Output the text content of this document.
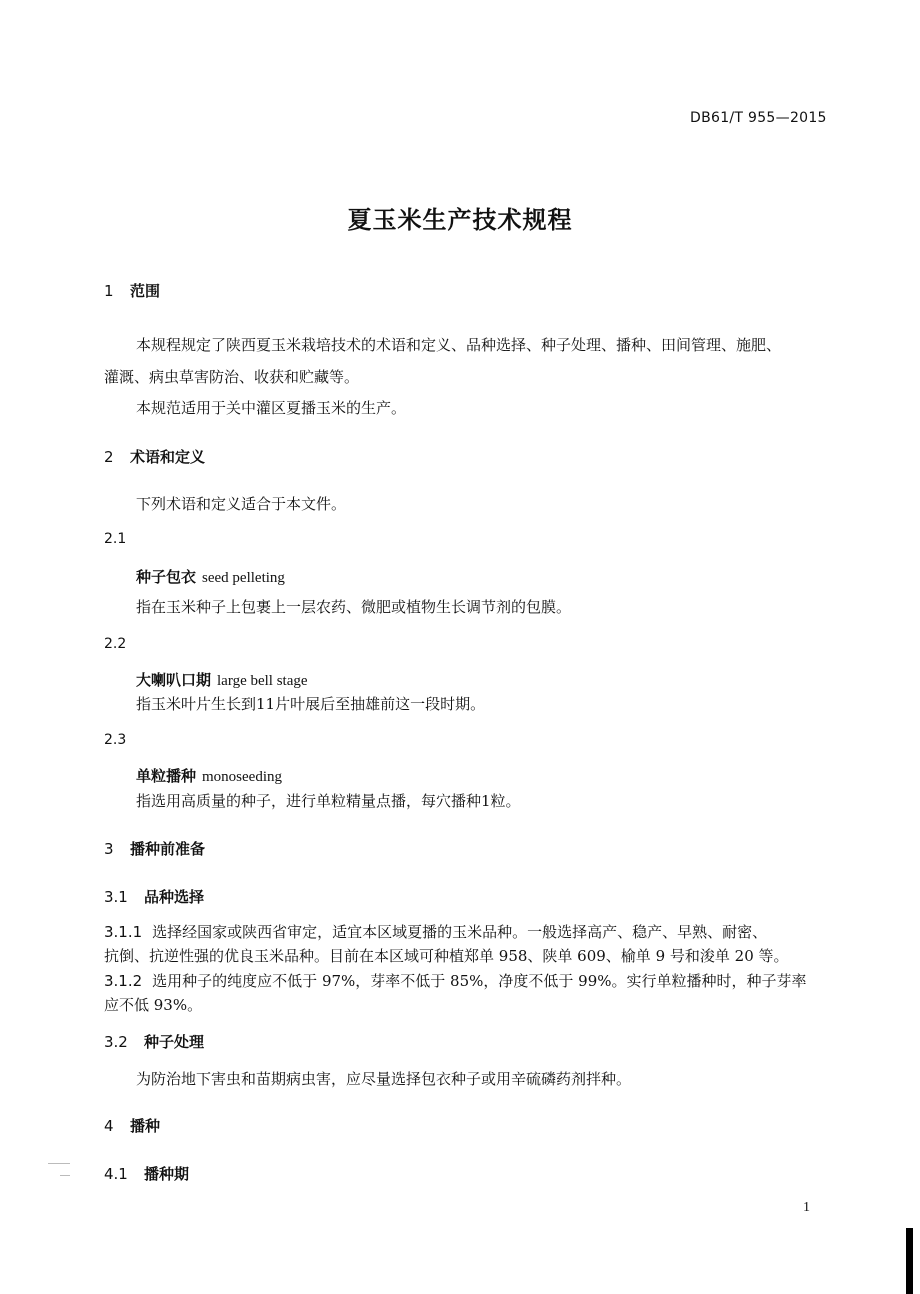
DB61/T 955—2015
夏玉米生产技术规程
1 范围
本规程规定了陕西夏玉米栽培技术的术语和定义、品种选择、种子处理、播种、田间管理、施肥、
灌溉、病虫草害防治、收获和贮藏等。
本规范适用于关中灌区夏播玉米的生产。
2 术语和定义
下列术语和定义适合于本文件。
2.1
种子包衣 seed pelleting
指在玉米种子上包裹上一层农药、微肥或植物生长调节剂的包膜。
2.2
大喇叭口期 large bell stage
指玉米叶片生长到11片叶展后至抽雄前这一段时期。
2.3
单粒播种 monoseeding
指选用高质量的种子，进行单粒精量点播，每穴播种1粒。
3 播种前准备
3.1 品种选择
3.1.1 选择经国家或陕西省审定，适宜本区域夏播的玉米品种。一般选择高产、稳产、早熟、耐密、
抗倒、抗逆性强的优良玉米品种。目前在本区域可种植郑单 958、陕单 609、榆单 9 号和浚单 20 等。
3.1.2 选用种子的纯度应不低于 97%，芽率不低于 85%，净度不低于 99%。实行单粒播种时，种子芽率
应不低 93%。
3.2 种子处理
为防治地下害虫和苗期病虫害，应尽量选择包衣种子或用辛硫磷药剂拌种。
4 播种
4.1 播种期
1
